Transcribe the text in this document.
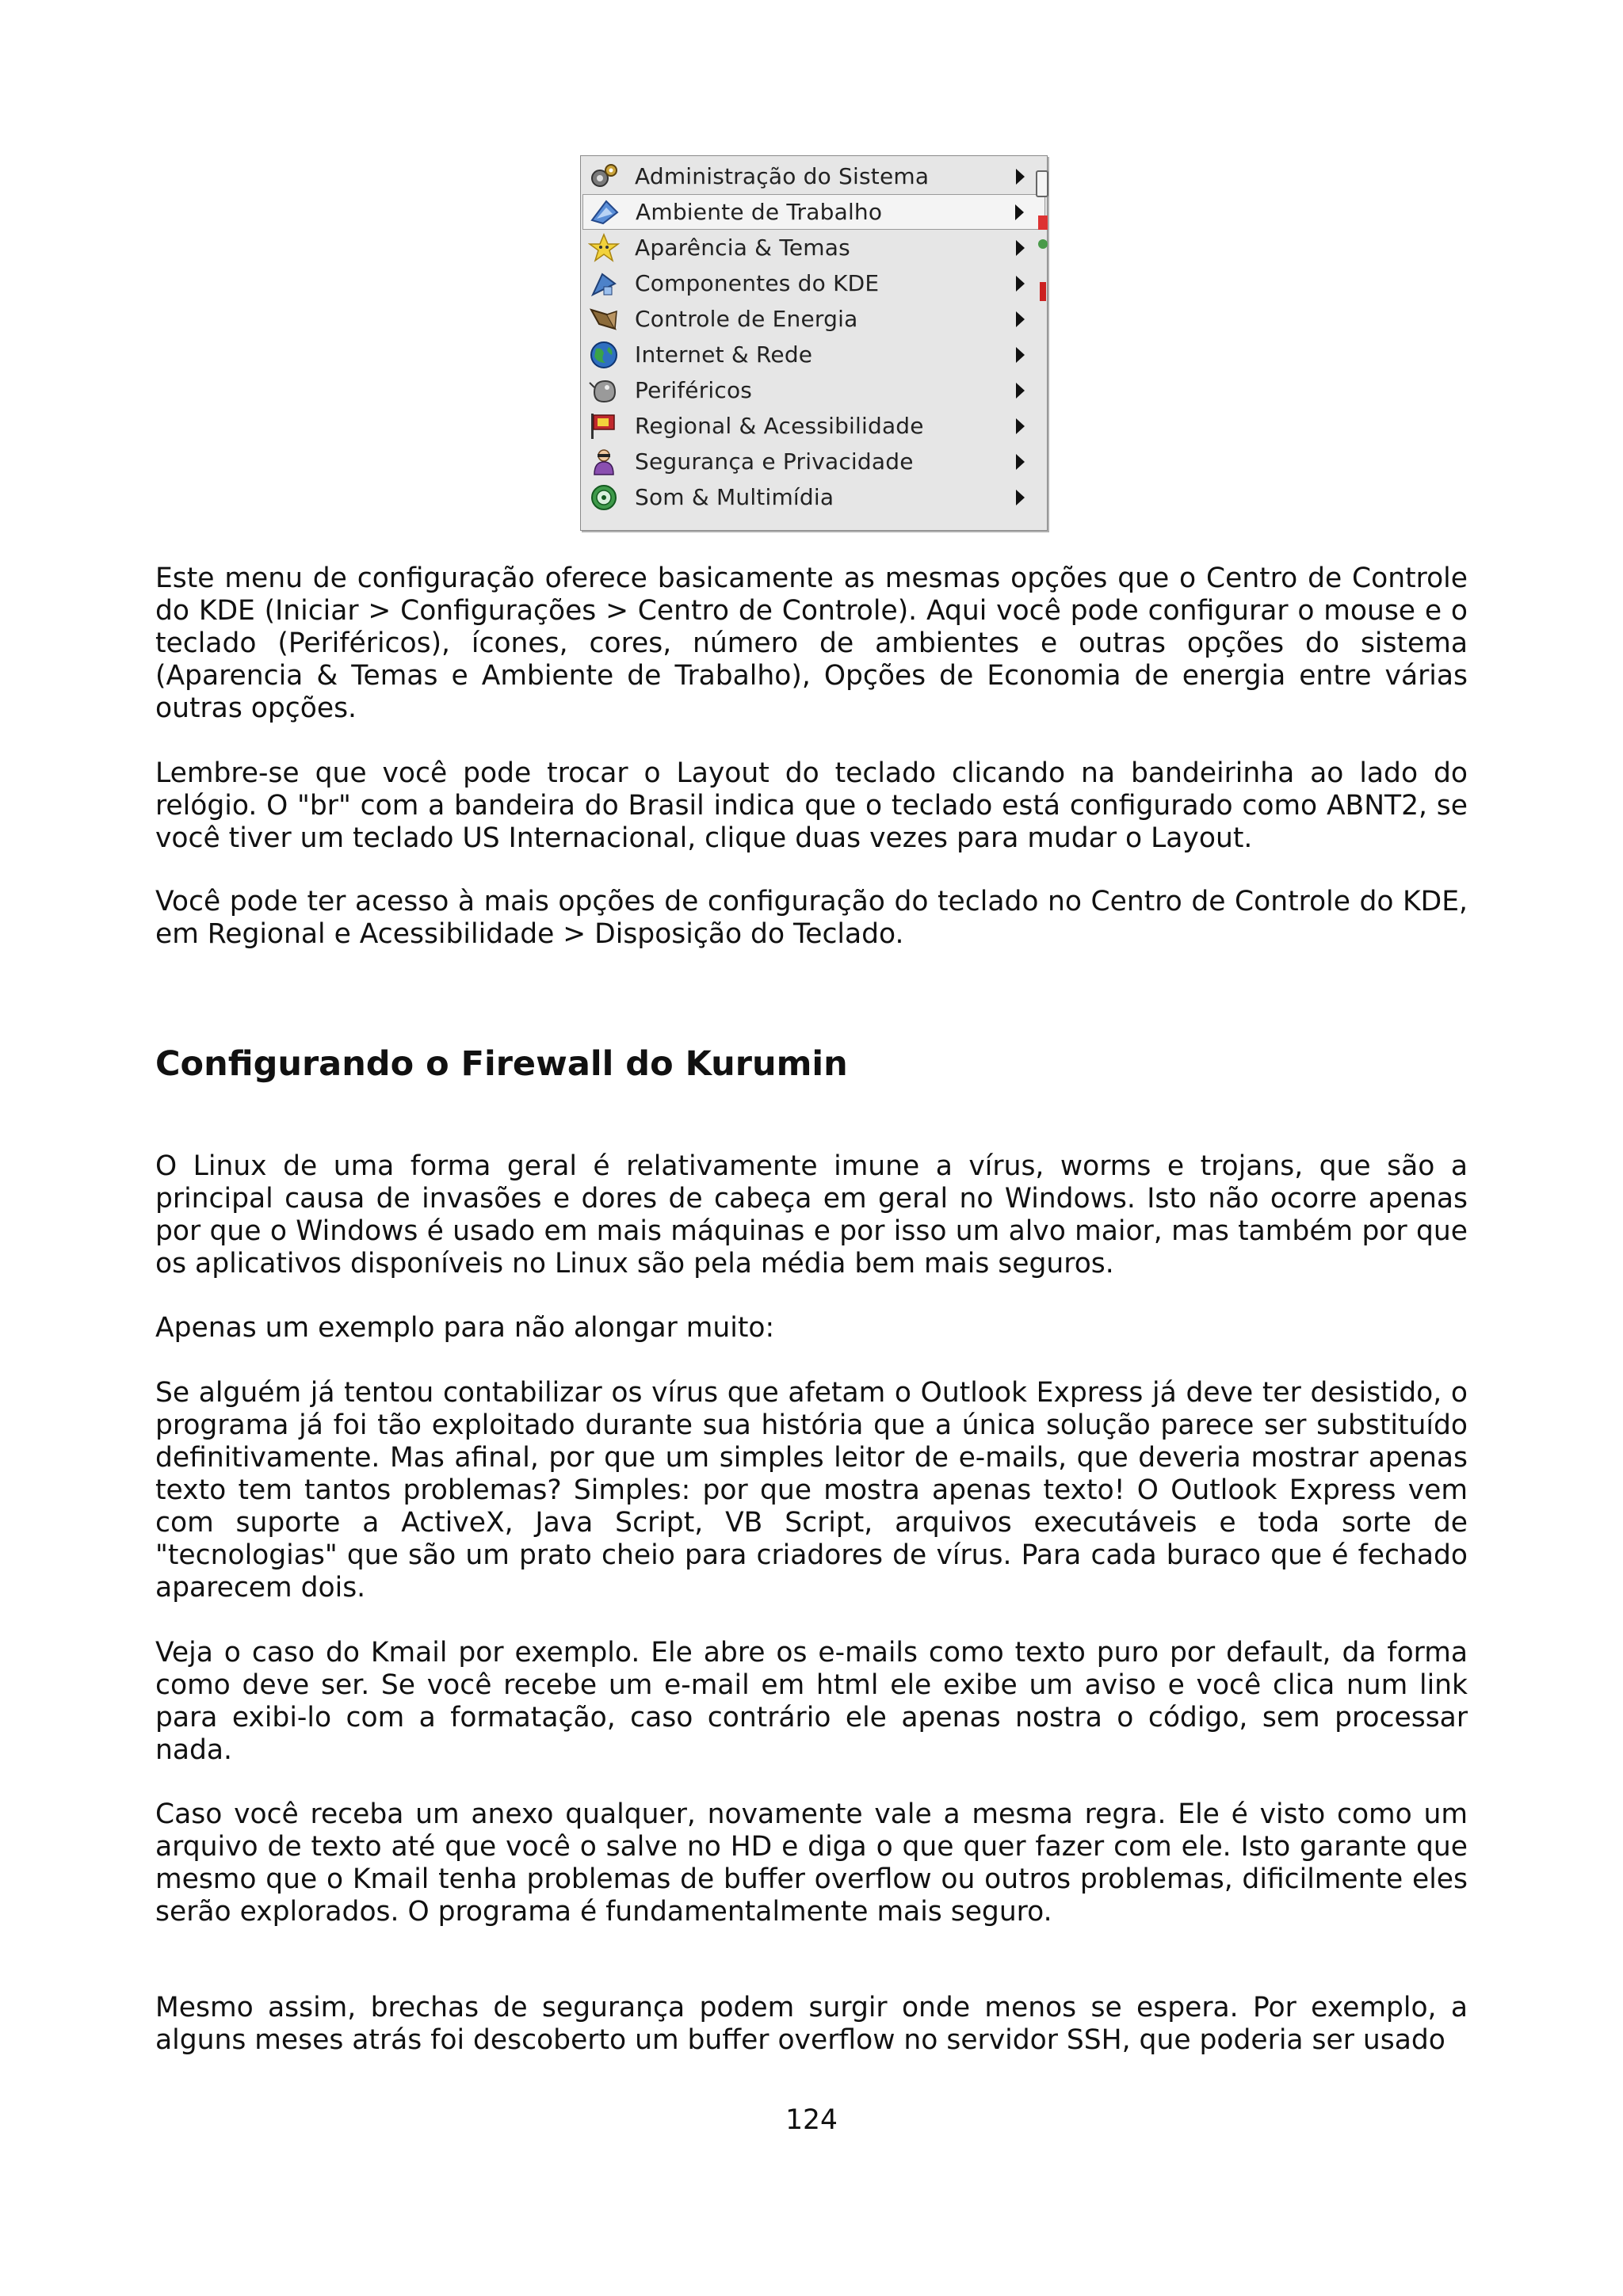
Administração do Sistema
Ambiente de Trabalho
Aparência & Temas
Componentes do KDE
Controle de Energia
Internet & Rede
Periféricos
Regional & Acessibilidade
Segurança e Privacidade
Som & Multimídia

Este menu de configuração oferece basicamente as mesmas opções que o Centro de Controle do KDE (Iniciar > Configurações > Centro de Controle). Aqui você pode configurar o mouse e o teclado (Periféricos), ícones, cores, número de ambientes e outras opções do sistema (Aparencia & Temas e Ambiente de Trabalho), Opções de Economia de energia entre várias outras opções.

Lembre-se que você pode trocar o Layout do teclado clicando na bandeirinha ao lado do relógio. O "br" com a bandeira do Brasil indica que o teclado está configurado como ABNT2, se você tiver um teclado US Internacional, clique duas vezes para mudar o Layout.

Você pode ter acesso à mais opções de configuração do teclado no Centro de Controle do KDE, em Regional e Acessibilidade > Disposição do Teclado.

Configurando o Firewall do Kurumin

O Linux de uma forma geral é relativamente imune a vírus, worms e trojans, que são a principal causa de invasões e dores de cabeça em geral no Windows. Isto não ocorre apenas por que o Windows é usado em mais máquinas e por isso um alvo maior, mas também por que os aplicativos disponíveis no Linux são pela média bem mais seguros.

Apenas um exemplo para não alongar muito:

Se alguém já tentou contabilizar os vírus que afetam o Outlook Express já deve ter desistido, o programa já foi tão exploitado durante sua história que a única solução parece ser substituído definitivamente. Mas afinal, por que um simples leitor de e-mails, que deveria mostrar apenas texto tem tantos problemas? Simples: por que mostra apenas texto! O Outlook Express vem com suporte a ActiveX, Java Script, VB Script, arquivos executáveis e toda sorte de "tecnologias" que são um prato cheio para criadores de vírus. Para cada buraco que é fechado aparecem dois.

Veja o caso do Kmail por exemplo. Ele abre os e-mails como texto puro por default, da forma como deve ser. Se você recebe um e-mail em html ele exibe um aviso e você clica num link para exibi-lo com a formatação, caso contrário ele apenas nostra o código, sem processar nada.

Caso você receba um anexo qualquer, novamente vale a mesma regra. Ele é visto como um arquivo de texto até que você o salve no HD e diga o que quer fazer com ele. Isto garante que mesmo que o Kmail tenha problemas de buffer overflow ou outros problemas, dificilmente eles serão explorados. O programa é fundamentalmente mais seguro.

Mesmo assim, brechas de segurança podem surgir onde menos se espera. Por exemplo, a alguns meses atrás foi descoberto um buffer overflow no servidor SSH, que poderia ser usado

124
